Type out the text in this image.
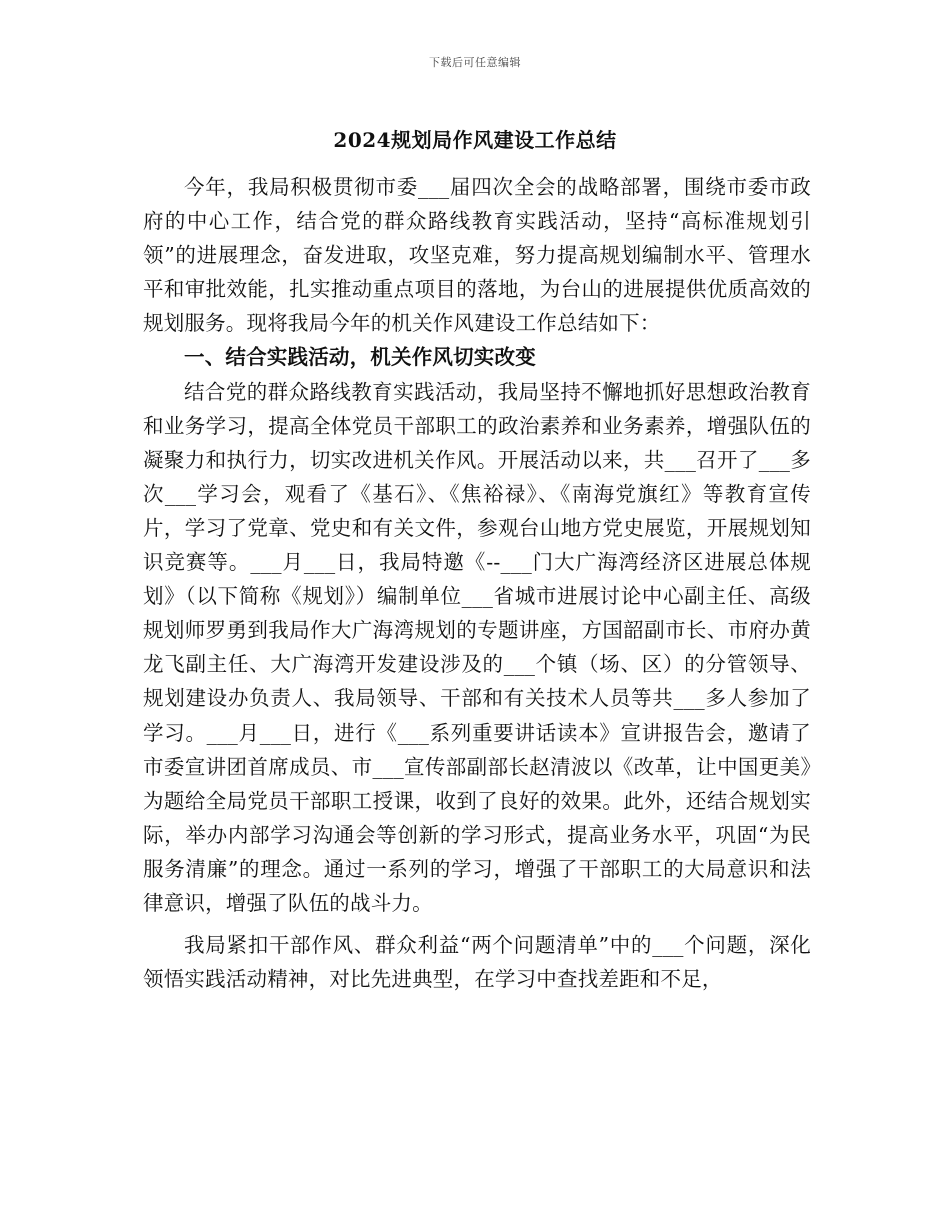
下载后可任意编辑
2024规划局作风建设工作总结

今年，我局积极贯彻市委___届四次全会的战略部署，围绕市委市政府的中心工作，结合党的群众路线教育实践活动，坚持“高标准规划引领”的进展理念，奋发进取，攻坚克难，努力提高规划编制水平、管理水平和审批效能，扎实推动重点项目的落地，为台山的进展提供优质高效的规划服务。现将我局今年的机关作风建设工作总结如下：

一、结合实践活动，机关作风切实改变

结合党的群众路线教育实践活动，我局坚持不懈地抓好思想政治教育和业务学习，提高全体党员干部职工的政治素养和业务素养，增强队伍的凝聚力和执行力，切实改进机关作风。开展活动以来，共___召开了___多次___学习会，观看了《基石》、《焦裕禄》、《南海党旗红》等教育宣传片，学习了党章、党史和有关文件，参观台山地方党史展览，开展规划知识竞赛等。___月___日，我局特邀《--___门大广海湾经济区进展总体规划》（以下简称《规划》）编制单位___省城市进展讨论中心副主任、高级规划师罗勇到我局作大广海湾规划的专题讲座，方国韶副市长、市府办黄龙飞副主任、大广海湾开发建设涉及的___个镇（场、区）的分管领导、规划建设办负责人、我局领导、干部和有关技术人员等共___多人参加了学习。___月___日，进行《___系列重要讲话读本》宣讲报告会，邀请了市委宣讲团首席成员、市___宣传部副部长赵清波以《改革，让中国更美》为题给全局党员干部职工授课，收到了良好的效果。此外，还结合规划实际，举办内部学习沟通会等创新的学习形式，提高业务水平，巩固“为民服务清廉”的理念。通过一系列的学习，增强了干部职工的大局意识和法律意识，增强了队伍的战斗力。

我局紧扣干部作风、群众利益“两个问题清单”中的___个问题，深化领悟实践活动精神，对比先进典型，在学习中查找差距和不足，
